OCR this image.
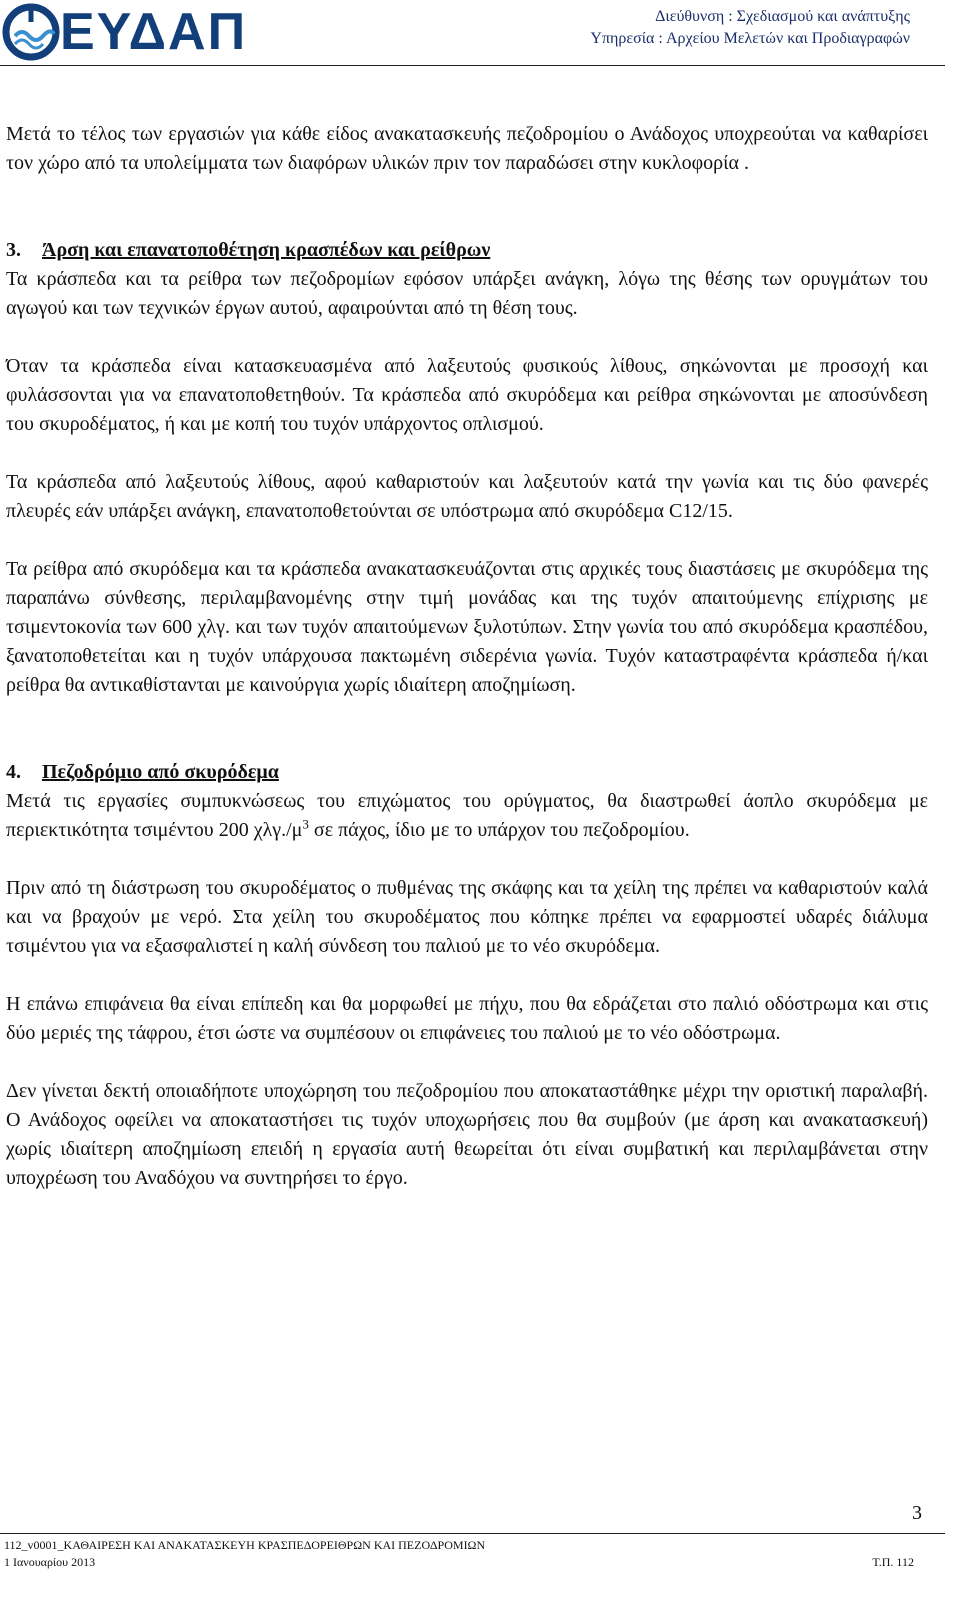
ΕΥΔΑΠ	Διεύθυνση : Σχεδιασμού και ανάπτυξης
Υπηρεσία : Αρχείου Μελετών και Προδιαγραφών

Μετά το τέλος των εργασιών για κάθε είδος ανακατασκευής πεζοδρομίου ο Ανάδοχος υποχρεούται να καθαρίσει τον χώρο από τα υπολείμματα των διαφόρων υλικών πριν τον παραδώσει στην κυκλοφορία .

3. Άρση και επανατοποθέτηση κρασπέδων και ρείθρων

Τα κράσπεδα και τα ρείθρα των πεζοδρομίων εφόσον υπάρξει ανάγκη, λόγω της θέσης των ορυγμάτων του αγωγού και των τεχνικών έργων αυτού, αφαιρούνται από τη θέση τους.

Όταν τα κράσπεδα είναι κατασκευασμένα από λαξευτούς φυσικούς λίθους, σηκώνονται με προσοχή και φυλάσσονται για να επανατοποθετηθούν. Τα κράσπεδα από σκυρόδεμα και ρείθρα σηκώνονται με αποσύνδεση του σκυροδέματος, ή και με κοπή του τυχόν υπάρχοντος οπλισμού.

Τα κράσπεδα από λαξευτούς λίθους, αφού καθαριστούν και λαξευτούν κατά την γωνία και τις δύο φανερές πλευρές εάν υπάρξει ανάγκη, επανατοποθετούνται σε υπόστρωμα από σκυρόδεμα C12/15.

Τα ρείθρα από σκυρόδεμα και τα κράσπεδα ανακατασκευάζονται στις αρχικές τους διαστάσεις με σκυρόδεμα της παραπάνω σύνθεσης, περιλαμβανομένης στην τιμή μονάδας και της τυχόν απαιτούμενης επίχρισης με τσιμεντοκονία των 600 χλγ. και των τυχόν απαιτούμενων ξυλοτύπων. Στην γωνία του από σκυρόδεμα κρασπέδου, ξανατοποθετείται και η τυχόν υπάρχουσα πακτωμένη σιδερένια γωνία. Τυχόν καταστραφέντα κράσπεδα ή/και ρείθρα θα αντικαθίστανται με καινούργια χωρίς ιδιαίτερη αποζημίωση.

4. Πεζοδρόμιο από σκυρόδεμα

Μετά τις εργασίες συμπυκνώσεως του επιχώματος του ορύγματος, θα διαστρωθεί άοπλο σκυρόδεμα με περιεκτικότητα τσιμέντου 200 $\chi\lambda\gamma./\mu^3$ σε πάχος, ίδιο με το υπάρχον του πεζοδρομίου.

Πριν από τη διάστρωση του σκυροδέματος ο πυθμένας της σκάφης και τα χείλη της πρέπει να καθαριστούν καλά και να βραχούν με νερό. Στα χείλη του σκυροδέματος που κόπηκε πρέπει να εφαρμοστεί υδαρές διάλυμα τσιμέντου για να εξασφαλιστεί η καλή σύνδεση του παλιού με το νέο σκυρόδεμα.

Η επάνω επιφάνεια θα είναι επίπεδη και θα μορφωθεί με πήχυ, που θα εδράζεται στο παλιό οδόστρωμα και στις δύο μεριές της τάφρου, έτσι ώστε να συμπέσουν οι επιφάνειες του παλιού με το νέο οδόστρωμα.

Δεν γίνεται δεκτή οποιαδήποτε υποχώρηση του πεζοδρομίου που αποκαταστάθηκε μέχρι την οριστική παραλαβή. Ο Ανάδοχος οφείλει να αποκαταστήσει τις τυχόν υποχωρήσεις που θα συμβούν (με άρση και ανακατασκευή) χωρίς ιδιαίτερη αποζημίωση επειδή η εργασία αυτή θεωρείται ότι είναι συμβατική και περιλαμβάνεται στην υποχρέωση του Αναδόχου να συντηρήσει το έργο.

3
112_v0001_ΚΑΘΑΙΡΕΣΗ ΚΑΙ ΑΝΑΚΑΤΑΣΚΕΥΗ ΚΡΑΣΠΕΔΟΡΕΙΘΡΩΝ ΚΑΙ ΠΕΖΟΔΡΟΜΙΩΝ
1 Ιανουαρίου 2013	Τ.Π. 112
